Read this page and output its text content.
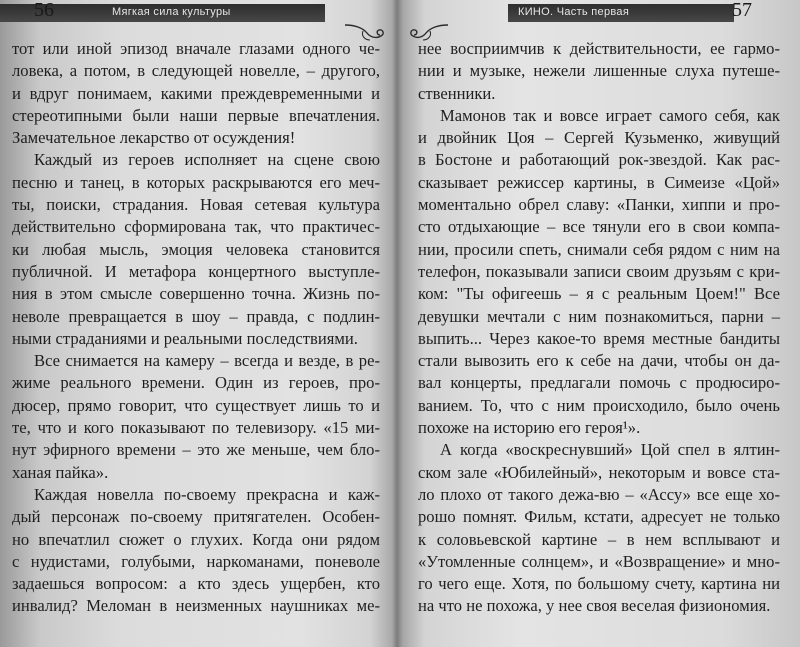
56	Мягкая сила культуры
тот или иной эпизод вначале глазами одного че-
ловека, а потом, в следующей новелле, – другого,
и вдруг понимаем, какими преждевременными и
стереотипными были наши первые впечатления.
Замечательное лекарство от осуждения!
Каждый из героев исполняет на сцене свою
песню и танец, в которых раскрываются его меч-
ты, поиски, страдания. Новая сетевая культура
действительно сформирована так, что практичес-
ки любая мысль, эмоция человека становится
публичной. И метафора концертного выступле-
ния в этом смысле совершенно точна. Жизнь по-
неволе превращается в шоу – правда, с подлин-
ными страданиями и реальными последствиями.
Все снимается на камеру – всегда и везде, в ре-
жиме реального времени. Один из героев, про-
дюсер, прямо говорит, что существует лишь то и
те, что и кого показывают по телевизору. «15 ми-
нут эфирного времени – это же меньше, чем бло-
ханая пайка».
Каждая новелла по-своему прекрасна и каж-
дый персонаж по-своему притягателен. Особен-
но впечатлил сюжет о глухих. Когда они рядом
с нудистами, голубыми, наркоманами, поневоле
задаешься вопросом: а кто здесь ущербен, кто
инвалид? Меломан в неизменных наушниках ме-
КИНО. Часть первая	57
нее восприимчив к действительности, ее гармо-
нии и музыке, нежели лишенные слуха путеше-
ственники.
Мамонов так и вовсе играет самого себя, как
и двойник Цоя – Сергей Кузьменко, живущий
в Бостоне и работающий рок-звездой. Как рас-
сказывает режиссер картины, в Симеизе «Цой»
моментально обрел славу: «Панки, хиппи и про-
сто отдыхающие – все тянули его в свои компа-
нии, просили спеть, снимали себя рядом с ним на
телефон, показывали записи своим друзьям с кри-
ком: "Ты офигеешь – я с реальным Цоем!" Все
девушки мечтали с ним познакомиться, парни –
выпить... Через какое-то время местные бандиты
стали вывозить его к себе на дачи, чтобы он да-
вал концерты, предлагали помочь с продюсиро-
ванием. То, что с ним происходило, было очень
похоже на историю его героя¹».
А когда «воскреснувший» Цой спел в ялтин-
ском зале «Юбилейный», некоторым и вовсе ста-
ло плохо от такого дежа-вю – «Ассу» все еще хо-
рошо помнят. Фильм, кстати, адресует не только
к соловьевской картине – в нем всплывают и
«Утомленные солнцем», и «Возвращение» и мно-
го чего еще. Хотя, по большому счету, картина ни
на что не похожа, у нее своя веселая физиономия.
